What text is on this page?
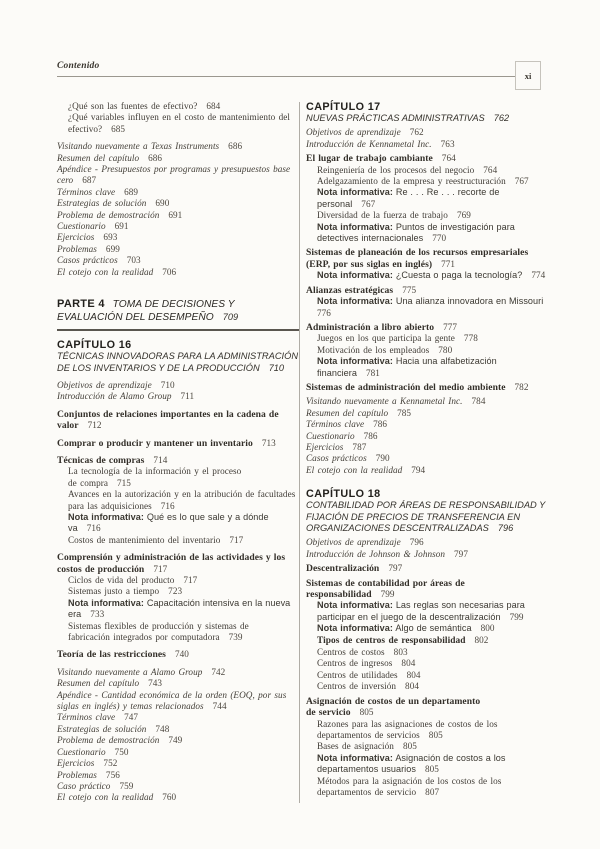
Contenido
xi
¿Qué son las fuentes de efectivo? 684
¿Qué variables influyen en el costo de mantenimiento del
efectivo? 685
Visitando nuevamente a Texas Instruments 686
Resumen del capítulo 686
Apéndice - Presupuestos por programas y presupuestos base
cero 687
Términos clave 689
Estrategias de solución 690
Problema de demostración 691
Cuestionario 691
Ejercicios 693
Problemas 699
Casos prácticos 703
El cotejo con la realidad 706
PARTE 4 TOMA DE DECISIONES Y
EVALUACIÓN DEL DESEMPEÑO 709
CAPÍTULO 16
TÉCNICAS INNOVADORAS PARA LA ADMINISTRACIÓN
DE LOS INVENTARIOS Y DE LA PRODUCCIÓN 710
Objetivos de aprendizaje 710
Introducción de Alamo Group 711
Conjuntos de relaciones importantes en la cadena de
valor 712
Comprar o producir y mantener un inventario 713
Técnicas de compras 714
La tecnología de la información y el proceso
de compra 715
Avances en la autorización y en la atribución de facultades
para las adquisiciones 716
Nota informativa: Qué es lo que sale y a dónde va 716
Costos de mantenimiento del inventario 717
Comprensión y administración de las actividades y los
costos de producción 717
Ciclos de vida del producto 717
Sistemas justo a tiempo 723
Nota informativa: Capacitación intensiva en la nueva
era 733
Sistemas flexibles de producción y sistemas de
fabricación integrados por computadora 739
Teoría de las restricciones 740
Visitando nuevamente a Alamo Group 742
Resumen del capítulo 743
Apéndice - Cantidad económica de la orden (EOQ, por sus
siglas en inglés) y temas relacionados 744
Términos clave 747
Estrategias de solución 748
Problema de demostración 749
Cuestionario 750
Ejercicios 752
Problemas 756
Caso práctico 759
El cotejo con la realidad 760
CAPÍTULO 17
NUEVAS PRÁCTICAS ADMINISTRATIVAS 762
Objetivos de aprendizaje 762
Introducción de Kennametal Inc. 763
El lugar de trabajo cambiante 764
Reingeniería de los procesos del negocio 764
Adelgazamiento de la empresa y reestructuración 767
Nota informativa: Re . . . Re . . . recorte de personal 767
Diversidad de la fuerza de trabajo 769
Nota informativa: Puntos de investigación para
detectives internacionales 770
Sistemas de planeación de los recursos empresariales
(ERP, por sus siglas en inglés) 771
Nota informativa: ¿Cuesta o paga la tecnología? 774
Alianzas estratégicas 775
Nota informativa: Una alianza innovadora en Missouri
776
Administración a libro abierto 777
Juegos en los que participa la gente 778
Motivación de los empleados 780
Nota informativa: Hacia una alfabetización
financiera 781
Sistemas de administración del medio ambiente 782
Visitando nuevamente a Kennametal Inc. 784
Resumen del capítulo 785
Términos clave 786
Cuestionario 786
Ejercicios 787
Casos prácticos 790
El cotejo con la realidad 794
CAPÍTULO 18
CONTABILIDAD POR ÁREAS DE RESPONSABILIDAD Y
FIJACIÓN DE PRECIOS DE TRANSFERENCIA EN
ORGANIZACIONES DESCENTRALIZADAS 796
Objetivos de aprendizaje 796
Introducción de Johnson & Johnson 797
Descentralización 797
Sistemas de contabilidad por áreas de
responsabilidad 799
Nota informativa: Las reglas son necesarias para
participar en el juego de la descentralización 799
Nota informativa: Algo de semántica 800
Tipos de centros de responsabilidad 802
Centros de costos 803
Centros de ingresos 804
Centros de utilidades 804
Centros de inversión 804
Asignación de costos de un departamento
de servicio 805
Razones para las asignaciones de costos de los
departamentos de servicios 805
Bases de asignación 805
Nota informativa: Asignación de costos a los
departamentos usuarios 805
Métodos para la asignación de los costos de los
departamentos de servicio 807
